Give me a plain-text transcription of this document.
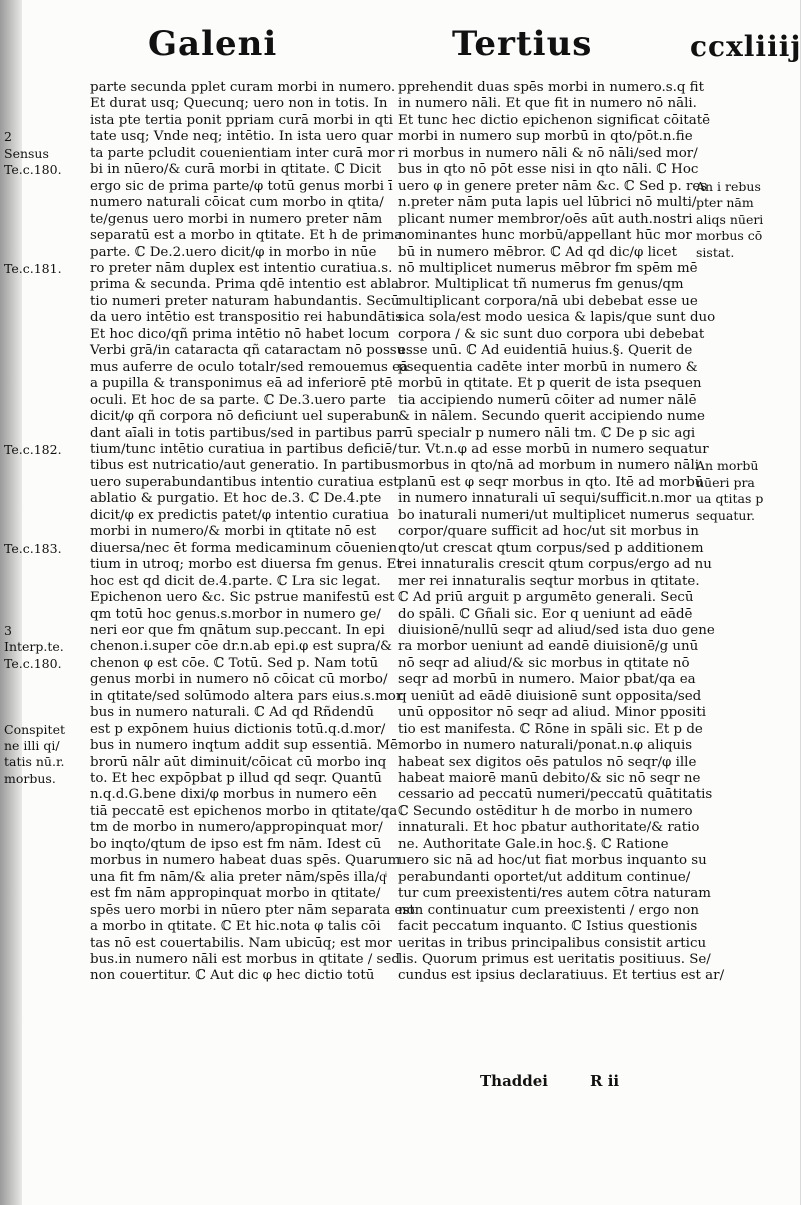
Galeni	Tertius	ccxliiij
parte secunda pplet curam morbi in numero.
Et durat usq; Quecunq; uero non in totis. In
ista pte tertia ponit ppriam curā morbi in qti
tate usq; Vnde neq; intētio. In ista uero quar
ta parte pcludit couenientiam inter curā mor
bi in nūero/& curā morbi in qtitate. ℂ Dicit
ergo sic de prima parte/φ totū genus morbi ī
numero naturali cōicat cum morbo in qtita/
te/genus uero morbi in numero preter nām
separatū est a morbo in qtitate. Et h de prima
parte. ℂ De.2.uero dicit/φ in morbo in nūe
ro preter nām duplex est intentio curatiua.s.
prima & secunda. Prima qdē intentio est abla
tio numeri preter naturam habundantis. Secū
da uero intētio est transpositio rei habundātis
Et hoc dico/qñ prima intētio nō habet locum
Verbi grā/in cataracta qñ cataractam nō possu
mus auferre de oculo totalr/sed remouemus eā
a pupilla & transponimus eā ad inferiorē ptē
oculi. Et hoc de sa parte. ℂ De.3.uero parte
dicit/φ qñ corpora nō deficiunt uel superabun
dant aīali in totis partibus/sed in partibus par
tium/tunc intētio curatiua in partibus deficiē/
tibus est nutricatio/aut generatio. In partibus
uero superabundantibus intentio curatiua est
ablatio & purgatio. Et hoc de.3. ℂ De.4.pte
dicit/φ ex predictis patet/φ intentio curatiua
morbi in numero/& morbi in qtitate nō est
diuersa/nec ēt forma medicaminum cōuenien
tium in utroq; morbo est diuersa fm genus. Et
hoc est qd dicit de.4.parte. ℂ Lra sic legat.
Epichenon uero &c. Sic pstrue manifestū est
qm totū hoc genus.s.morbor in numero ge/
neri eor que fm qnātum sup.peccant. In epi
chenon.i.super cōe dr.n.ab epi.φ est supra/&
chenon φ est cōe. ℂ Totū. Sed p. Nam totū
genus morbi in numero nō cōicat cū morbo/
in qtitate/sed solūmodo altera pars eius.s.mor
bus in numero naturali. ℂ Ad qd Rñdendū
est p expōnem huius dictionis totū.q.d.mor/
bus in numero inqtum addit sup essentiā. Mē
brorū nālr aūt diminuit/cōicat cū morbo inq
to. Et hec expōpbat p illud qd seqr. Quantū
n.q.d.G.bene dixi/φ morbus in numero eēn
tiā peccatē est epichenos morbo in qtitate/qa
tm de morbo in numero/appropinquat mor/
bo inqto/qtum de ipso est fm nām. Idest cū
morbus in numero habeat duas spēs. Quarum
una fit fm nām/& alia preter nām/spēs illa/qͥ
est fm nām appropinquat morbo in qtitate/
spēs uero morbi in nūero pter nām separata est
a morbo in qtitate. ℂ Et hic.nota φ talis cōi
tas nō est couertabilis. Nam ubicūq; est mor
bus.in numero nāli est morbus in qtitate / sed
non couertitur. ℂ Aut dic φ hec dictio totū
pprehendit duas spēs morbi in numero.s.q fit
in numero nāli. Et que fit in numero nō nāli.
Et tunc hec dictio epichenon significat cōitatē
morbi in numero sup morbū in qto/pōt.n.fie
ri morbus in numero nāli & nō nāli/sed mor/
bus in qto nō pōt esse nisi in qto nāli. ℂ Hoc
uero φ in genere preter nām &c. ℂ Sed p. res
n.preter nām puta lapis uel lūbrici nō multi/
plicant numer membror/oēs aūt auth.nostri
nominantes hunc morbū/appellant hūc mor
bū in numero mēbror. ℂ Ad qd dic/φ licet
nō multiplicet numerus mēbror fm spēm mē
bror. Multiplicat tñ numerus fm genus/qm
multiplicant corpora/nā ubi debebat esse ue
sica sola/est modo uesica & lapis/que sunt duo
corpora / & sic sunt duo corpora ubi debebat
esse unū. ℂ Ad euidentiā huius.§. Querit de
psequentia cadēte inter morbū in numero &
morbū in qtitate. Et p querit de ista psequen
tia accipiendo numerū cōiter ad numer nālē
& in nālem. Secundo querit accipiendo nume
rū specialr p numero nāli tm. ℂ De p sic agi
tur. Vt.n.φ ad esse morbū in numero sequatur
morbus in qto/nā ad morbum in numero nāli
planū est φ seqr morbus in qto. Itē ad morbū
in numero innaturali uī sequi/sufficit.n.mor
bo inaturali numeri/ut multiplicet numerus
corpor/quare sufficit ad hoc/ut sit morbus in
qto/ut crescat qtum corpus/sed p additionem
rei innaturalis crescit qtum corpus/ergo ad nu
mer rei innaturalis seqtur morbus in qtitate.
ℂ Ad priū arguit p argumēto generali. Secū
do spāli. ℂ Gñali sic. Eor q ueniunt ad eādē
diuisionē/nullū seqr ad aliud/sed ista duo gene
ra morbor ueniunt ad eandē diuisionē/g unū
nō seqr ad aliud/& sic morbus in qtitate nō
seqr ad morbū in numero. Maior pbat/qa ea
q ueniūt ad eādē diuisionē sunt opposita/sed
unū oppositor nō seqr ad aliud. Minor ppositi
tio est manifesta. ℂ Rōne in spāli sic. Et p de
morbo in numero naturali/ponat.n.φ aliquis
habeat sex digitos oēs patulos nō seqr/φ ille
habeat maiorē manū debito/& sic nō seqr ne
cessario ad peccatū numeri/peccatū quātitatis
ℂ Secundo ostēditur h de morbo in numero
innaturali. Et hoc pbatur authoritate/& ratio
ne. Authoritate Gale.in hoc.§. ℂ Ratione
uero sic nā ad hoc/ut fiat morbus inquanto su
perabundanti oportet/ut additum continue/
tur cum preexistenti/res autem cōtra naturam
non continuatur cum preexistenti / ergo non
facit peccatum inquanto. ℂ Istius questionis
ueritas in tribus principalibus consistit articu
lis. Quorum primus est ueritatis positiuus. Se/
cundus est ipsius declaratiuus. Et tertius est ar/
2
Sensus
Te.c.180.
Te.c.181.
Te.c.182.
Te.c.183.
3
Interp.te.
Te.c.180.
Conspitet
ne illi qi/
tatis nū.r.
morbus.
An i rebus
pter nām
aliqs nūeri
morbus cō
sistat.
An morbū
nūeri pra
ua qtitas p
sequatur.
Thaddei	R ii
